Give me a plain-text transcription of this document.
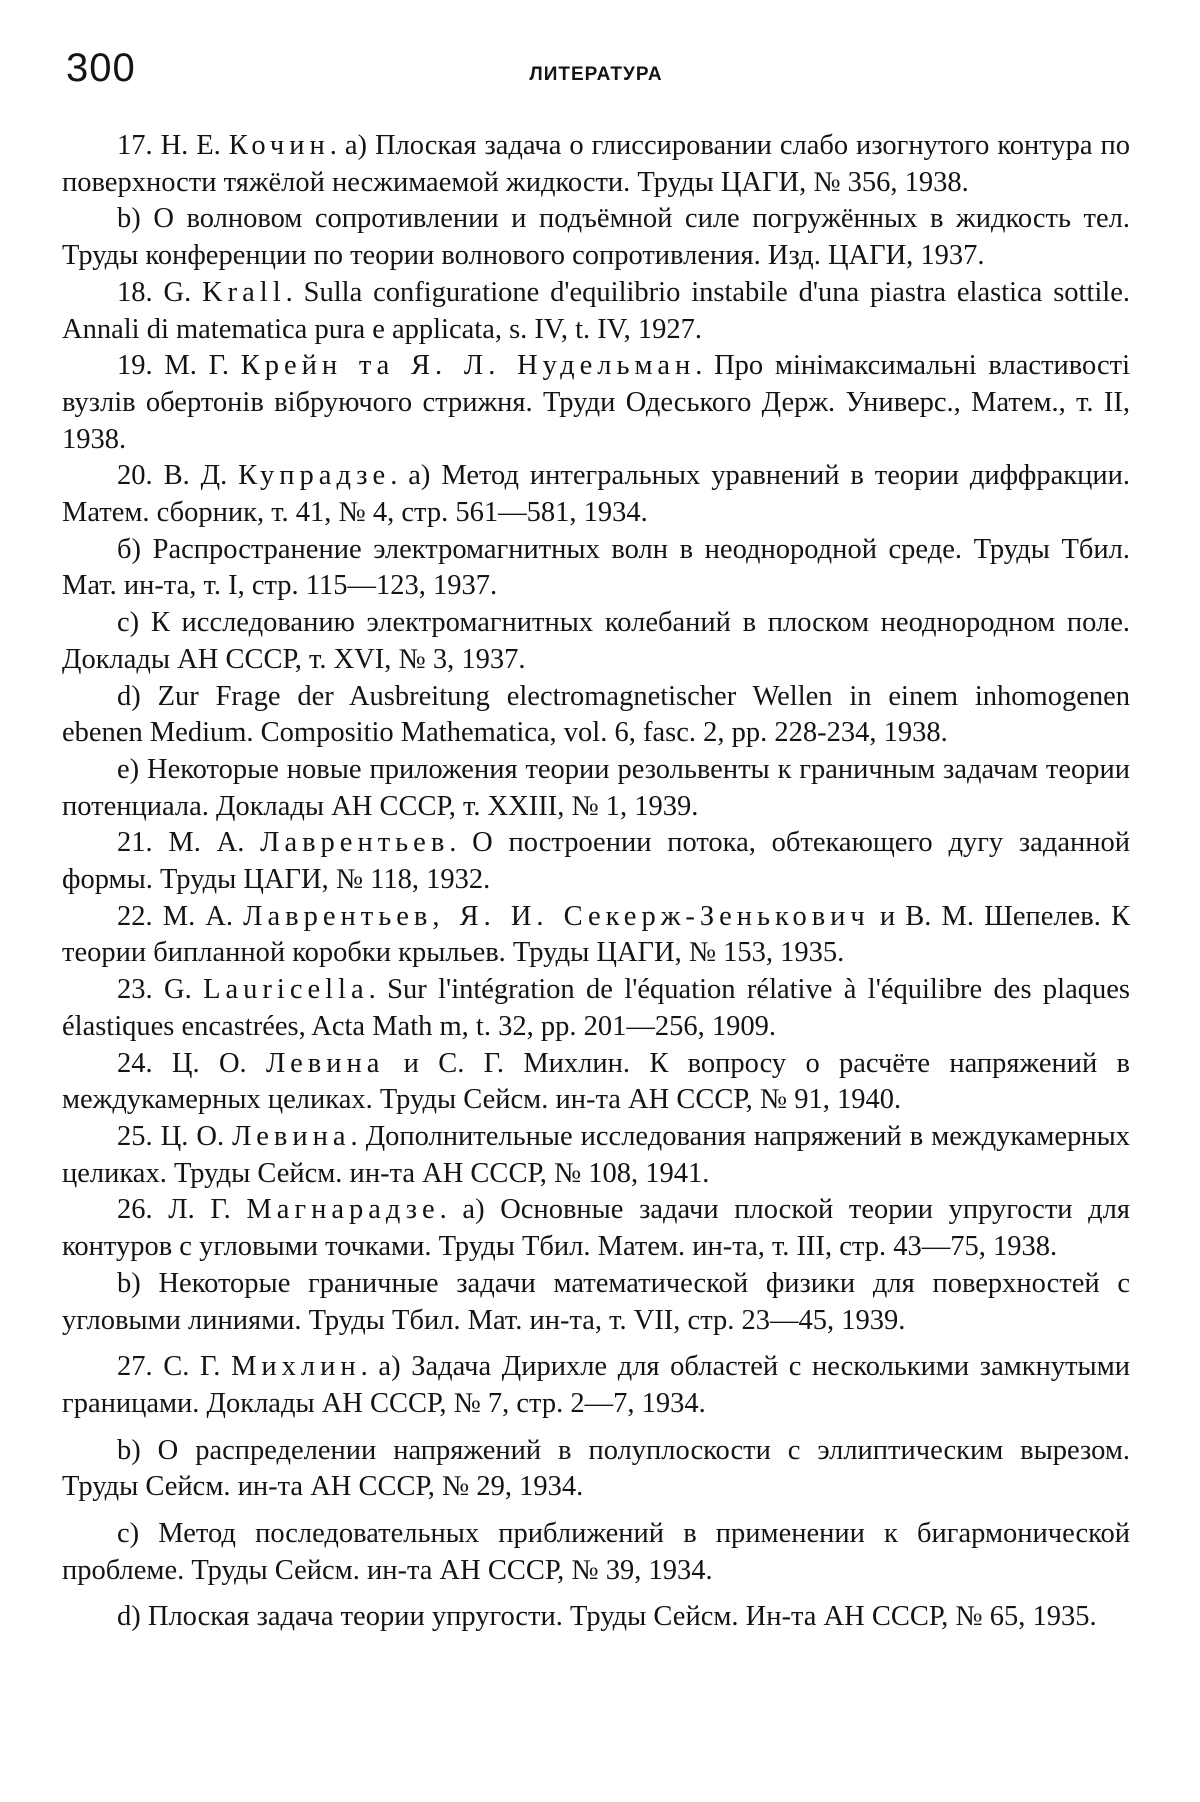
300	ЛИТЕРАТУРА

17. Н. Е. Кочин. а) Плоская задача о глиссировании слабо изогнутого контура по поверхности тяжёлой несжимаемой жидкости. Труды ЦАГИ, № 356, 1938.

b) О волновом сопротивлении и подъёмной силе погружённых в жидкость тел. Труды конференции по теории волнового сопротивления. Изд. ЦАГИ, 1937.

18. G. Krall. Sulla configuratione d'equilibrio instabile d'una piastra elastica sottile. Annali di matematica pura e applicata, s. IV, t. IV, 1927.

19. М. Г. Крейн та Я. Л. Нудельман. Про мінімаксимальні властивості вузлів обертонів вібруючого стрижня. Труди Одеського Держ. Универс., Матем., т. II, 1938.

20. В. Д. Купрадзе. а) Метод интегральных уравнений в теории диффракции. Матем. сборник, т. 41, № 4, стр. 561—581, 1934.

б) Распространение электромагнитных волн в неоднородной среде. Труды Тбил. Мат. ин-та, т. I, стр. 115—123, 1937.

c) К исследованию электромагнитных колебаний в плоском неоднородном поле. Доклады АН СССР, т. XVI, № 3, 1937.

d) Zur Frage der Ausbreitung electromagnetischer Wellen in einem inhomogenen ebenen Medium. Compositio Mathematica, vol. 6, fasc. 2, pp. 228-234, 1938.

e) Некоторые новые приложения теории резольвенты к граничным задачам теории потенциала. Доклады АН СССР, т. XXIII, № 1, 1939.

21. М. А. Лаврентьев. О построении потока, обтекающего дугу заданной формы. Труды ЦАГИ, № 118, 1932.

22. М. А. Лаврентьев, Я. И. Секерж-Зенькович и В. М. Шепелев. К теории бипланной коробки крыльев. Труды ЦАГИ, № 153, 1935.

23. G. Lauricella. Sur l'intégration de l'équation rélative à l'équilibre des plaques élastiques encastrées, Acta Math m, t. 32, pp. 201—256, 1909.

24. Ц. О. Левина и С. Г. Михлин. К вопросу о расчёте напряжений в междукамерных целиках. Труды Сейсм. ин-та АН СССР, № 91, 1940.

25. Ц. О. Левина. Дополнительные исследования напряжений в междукамерных целиках. Труды Сейсм. ин-та АН СССР, № 108, 1941.

26. Л. Г. Магнарадзе. а) Основные задачи плоской теории упругости для контуров с угловыми точками. Труды Тбил. Матем. ин-та, т. III, стр. 43—75, 1938.

b) Некоторые граничные задачи математической физики для поверхностей с угловыми линиями. Труды Тбил. Мат. ин-та, т. VII, стр. 23—45, 1939.

27. С. Г. Михлин. а) Задача Дирихле для областей с несколькими замкнутыми границами. Доклады АН СССР, № 7, стр. 2—7, 1934.

b) О распределении напряжений в полуплоскости с эллиптическим вырезом. Труды Сейсм. ин-та АН СССР, № 29, 1934.

c) Метод последовательных приближений в применении к бигармонической проблеме. Труды Сейсм. ин-та АН СССР, № 39, 1934.

d) Плоская задача теории упругости. Труды Сейсм. Ин-та АН СССР, № 65, 1935.
